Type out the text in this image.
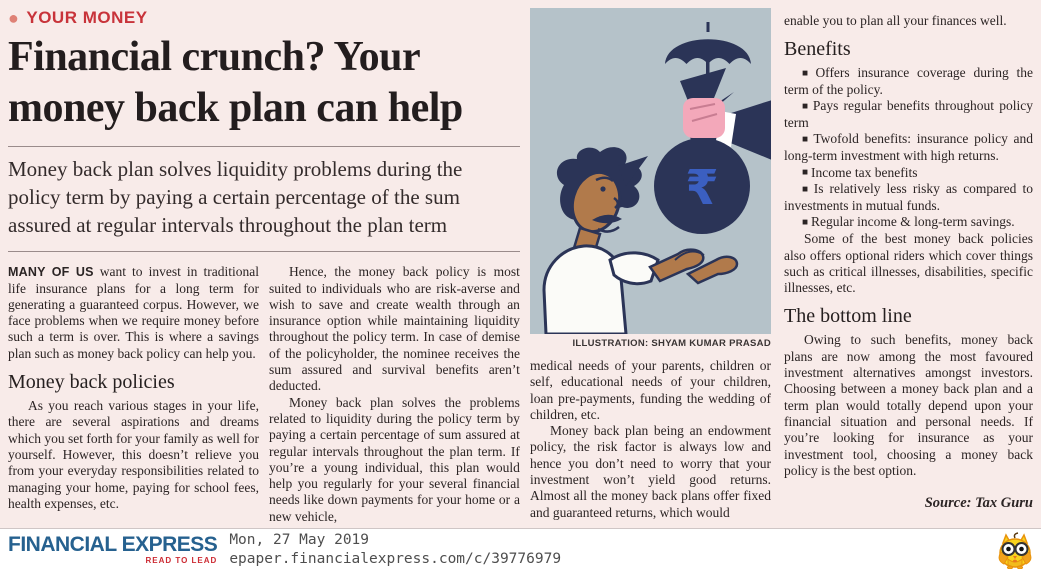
● YOUR MONEY
Financial crunch? Your money back plan can help

Money back plan solves liquidity problems during the policy term by paying a certain percentage of the sum assured at regular intervals throughout the plan term

MANY OF US want to invest in traditional life insurance plans for a long term for generating a guaranteed corpus. However, we face problems when we require money before such a term is over. This is where a savings plan such as money back policy can help you.

Money back policies

As you reach various stages in your life, there are several aspirations and dreams which you set forth for your family as well for yourself. However, this doesn’t relieve you from your everyday responsibilities related to managing your home, paying for school fees, health expenses, etc.

Hence, the money back policy is most suited to individuals who are risk-averse and wish to save and create wealth through an insurance option while maintaining liquidity throughout the policy term. In case of demise of the policyholder, the nominee receives the sum assured and survival benefits aren’t deducted.

Money back plan solves the problems related to liquidity during the policy term by paying a certain percentage of sum assured at regular intervals throughout the plan term. If you’re a young individual, this plan would help you regularly for your several financial needs like down payments for your home or a new vehicle,

₹
ILLUSTRATION: SHYAM KUMAR PRASAD

medical needs of your parents, children or self, educational needs of your children, loan pre-payments, funding the wedding of children, etc.

Money back plan being an endowment policy, the risk factor is always low and hence you don’t need to worry that your investment won’t yield good returns. Almost all the money back plans offer fixed and guaranteed returns, which would

enable you to plan all your finances well.

Benefits

■ Offers insurance coverage during the term of the policy.

■ Pays regular benefits throughout policy term

■ Twofold benefits: insurance policy and long-term investment with high returns.

■ Income tax benefits

■ Is relatively less risky as compared to investments in mutual funds.

■ Regular income & long-term savings.

Some of the best money back policies also offers optional riders which cover things such as critical illnesses, disabilities, specific illnesses, etc.

The bottom line

Owing to such benefits, money back plans are now among the most favoured investment alternatives amongst investors. Choosing between a money back plan and a term plan would totally depend upon your financial situation and personal needs. If you’re looking for insurance as your investment tool, choosing a money back policy is the best option.

Source: Tax Guru

FINANCIAL EXPRESS
READ TO LEAD
Mon, 27 May 2019
epaper.financialexpress.com/c/39776979
